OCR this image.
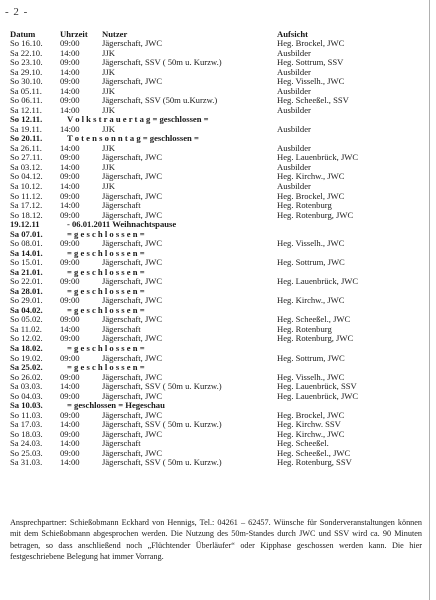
- 2 -
Datum	Uhrzeit Nutzer	Aufsicht
So 16.10. 09:00	Jägerschaft, JWC	Heg. Brockel, JWC
Sa 22.10. 14:00	JJK	Ausbilder
So 23.10. 09:00	Jägerschaft, SSV ( 50m u. Kurzw.)	Heg. Sottrum, SSV
Sa 29.10. 14:00	JJK	Ausbilder
So 30.10. 09:00	Jägerschaft, JWC	Heg. Visselh., JWC
Sa 05.11. 14:00	JJK	Ausbilder
So 06.11. 09:00	Jägerschaft, SSV (50m u.Kurzw.)	Heg. Scheeßel., SSV
Sa 12.11. 14:00	JJK	Ausbilder
So 12.11.	V o l k s t r a u e r t a g = geschlossen =
Sa 19.11. 14:00	JJK	Ausbilder
So 20.11.	T o t e n s o n n t a g = geschlossen =
Sa 26.11. 14:00	JJK	Ausbilder
So 27.11. 09:00	Jägerschaft, JWC	Heg. Lauenbrück, JWC
Sa 03.12. 14:00	JJK	Ausbilder
So 04.12. 09:00	Jägerschaft, JWC	Heg. Kirchw., JWC
Sa 10.12. 14:00	JJK	Ausbilder
So 11.12. 09:00	Jägerschaft, JWC	Heg. Brockel, JWC
Sa 17.12. 14:00	Jägerschaft	Heg. Rotenburg
So 18.12. 09:00	Jägerschaft, JWC	Heg. Rotenburg, JWC
19.12.11	- 06.01.2011 Weihnachtspause
Sa 07.01.	= g e s c h l o s s e n =
So 08.01. 09:00	Jägerschaft, JWC	Heg. Visselh., JWC
Sa 14.01.	= g e s c h l o s s e n =
So 15.01. 09:00	Jägerschaft, JWC	Heg. Sottrum, JWC
Sa 21.01.	= g e s c h l o s s e n =
So 22.01. 09:00	Jägerschaft, JWC	Heg. Lauenbrück, JWC
Sa 28.01.	= g e s c h l o s s e n =
So 29.01. 09:00	Jägerschaft, JWC	Heg. Kirchw., JWC
Sa 04.02.	= g e s c h l o s s e n =
So 05.02. 09:00	Jägerschaft, JWC	Heg. Scheeßel., JWC
Sa 11.02. 14:00	Jägerschaft	Heg. Rotenburg
So 12.02. 09:00	Jägerschaft, JWC	Heg. Rotenburg, JWC
Sa 18.02.	= g e s c h l o s s e n =
So 19.02. 09:00	Jägerschaft, JWC	Heg. Sottrum, JWC
Sa 25.02.	= g e s c h l o s s e n =
So 26.02. 09:00	Jägerschaft, JWC	Heg. Visselh., JWC
Sa 03.03. 14:00	Jägerschaft, SSV ( 50m u. Kurzw.)	Heg. Lauenbrück, SSV
So 04.03. 09:00	Jägerschaft, JWC	Heg. Lauenbrück, JWC
Sa 10.03.	= geschlossen = Hegeschau
So 11.03. 09:00	Jägerschaft, JWC	Heg. Brockel, JWC
Sa 17.03. 14:00	Jägerschaft, SSV ( 50m u. Kurzw.)	Heg. Kirchw. SSV
So 18.03. 09:00	Jägerschaft, JWC	Heg. Kirchw., JWC
Sa 24.03. 14:00	Jägerschaft	Heg. Scheeßel.
So 25.03. 09:00	Jägerschaft, JWC	Heg. Scheeßel., JWC
Sa 31.03. 14:00	Jägerschaft, SSV ( 50m u. Kurzw.)	Heg. Rotenburg, SSV
Ansprechpartner: Schießobmann Eckhard von Hennigs, Tel.: 04261 – 62457. Wünsche für Sonderveranstaltungen können mit dem Schießobmann abgesprochen werden. Die Nutzung des 50m-Standes durch JWC und SSV wird ca. 90 Minuten betragen, so dass anschließend noch „Flüchtender Überläufer“ oder Kipphase geschossen werden kann. Die hier festgeschriebene Belegung hat immer Vorrang.
